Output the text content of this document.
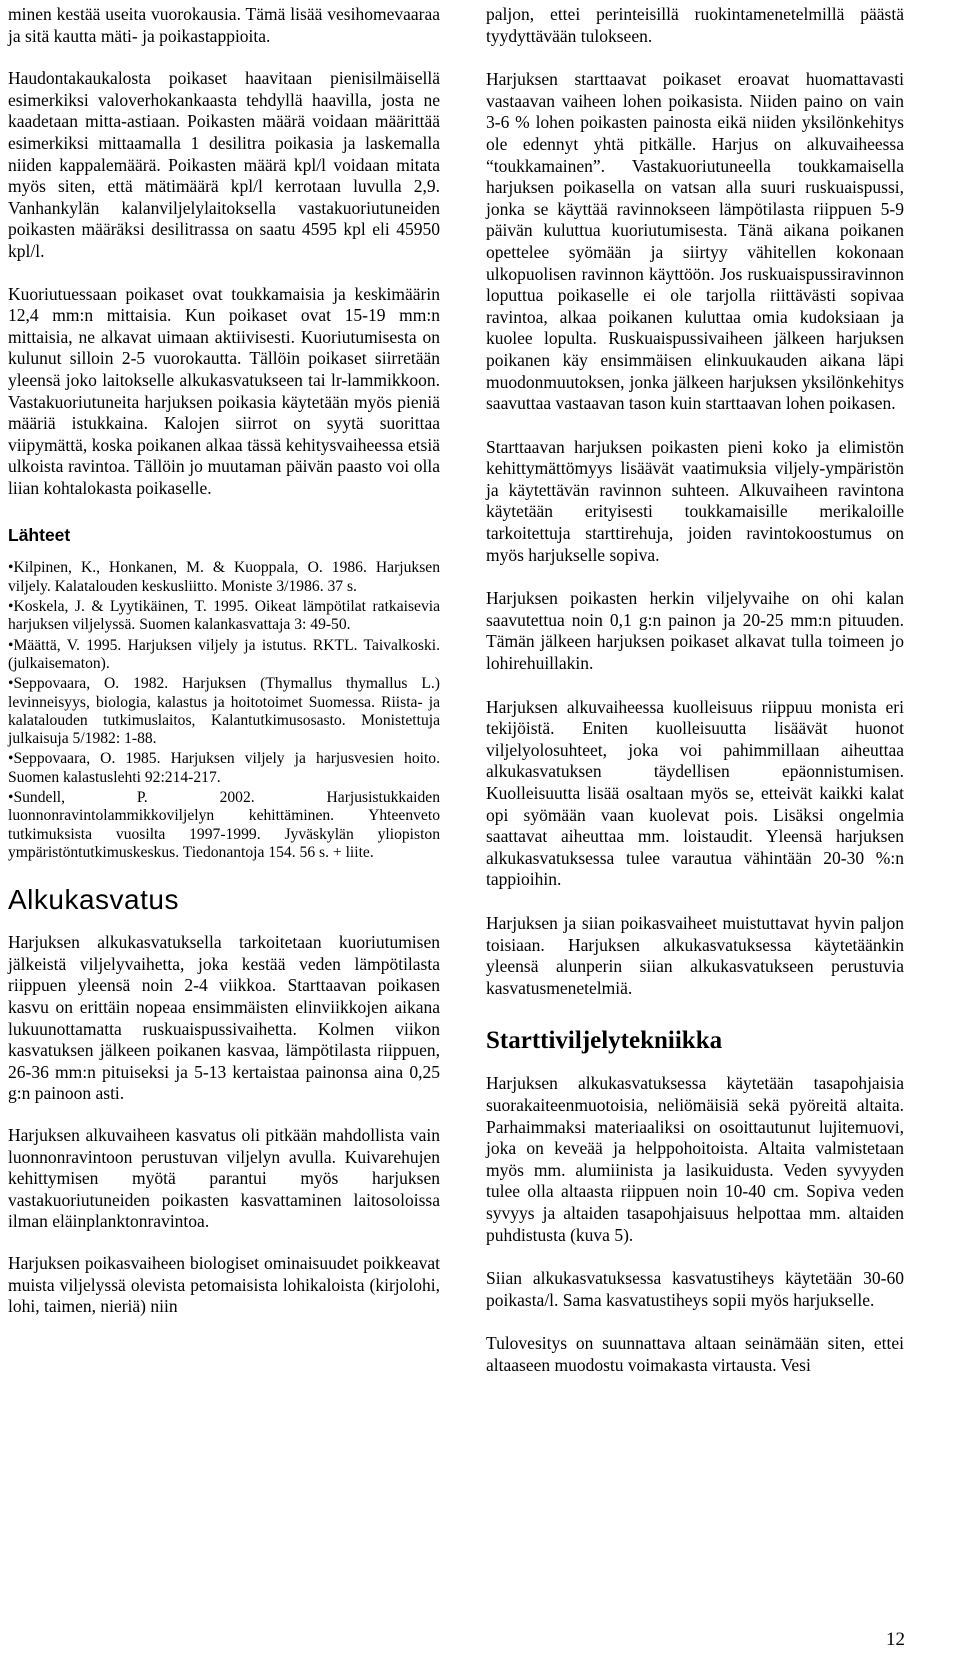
minen kestää useita vuorokausia. Tämä lisää vesihomevaaraa ja sitä kautta mäti- ja poikastappioita.

Haudontakaukalosta poikaset haavitaan pienisilmäisellä esimerkiksi valoverhokankaasta tehdyllä haavilla, josta ne kaadetaan mitta-astiaan. Poikasten määrä voidaan määrittää esimerkiksi mittaamalla 1 desilitra poikasia ja laskemalla niiden kappalemäärä. Poikasten määrä kpl/l voidaan mitata myös siten, että mätimäärä kpl/l kerrotaan luvulla 2,9. Vanhankylän kalanviljelylaitoksella vastakuoriutuneiden poikasten määräksi desilitrassa on saatu 4595 kpl eli 45950 kpl/l.

Kuoriutuessaan poikaset ovat toukkamaisia ja keskimäärin 12,4 mm:n mittaisia. Kun poikaset ovat 15-19 mm:n mittaisia, ne alkavat uimaan aktiivisesti. Kuoriutumisesta on kulunut silloin 2-5 vuorokautta. Tällöin poikaset siirretään yleensä joko laitokselle alkukasvatukseen tai lr-lammikkoon. Vastakuoriutuneita harjuksen poikasia käytetään myös pieniä määriä istukkaina. Kalojen siirrot on syytä suorittaa viipymättä, koska poikanen alkaa tässä kehitysvaiheessa etsiä ulkoista ravintoa. Tällöin jo muutaman päivän paasto voi olla liian kohtalokasta poikaselle.

Lähteet

•Kilpinen, K., Honkanen, M. & Kuoppala, O. 1986. Harjuksen viljely. Kalatalouden keskusliitto. Moniste 3/1986. 37 s.

•Koskela, J. & Lyytikäinen, T. 1995. Oikeat lämpötilat ratkaisevia harjuksen viljelyssä. Suomen kalankasvattaja 3: 49-50.

•Määttä, V. 1995. Harjuksen viljely ja istutus. RKTL. Taivalkoski. (julkaisematon).

•Seppovaara, O. 1982. Harjuksen (Thymallus thymallus L.) levinneisyys, biologia, kalastus ja hoitotoimet Suomessa. Riista- ja kalatalouden tutkimuslaitos, Kalantutkimusosasto. Monistettuja julkaisuja 5/1982: 1-88.

•Seppovaara, O. 1985. Harjuksen viljely ja harjusvesien hoito. Suomen kalastuslehti 92:214-217.

•Sundell, P. 2002. Harjusistukkaiden luonnonravintolammikkoviljelyn kehittäminen. Yhteenveto tutkimuksista vuosilta 1997-1999. Jyväskylän yliopiston ympäristöntutkimuskeskus. Tiedonantoja 154. 56 s. + liite.

Alkukasvatus

Harjuksen alkukasvatuksella tarkoitetaan kuoriutumisen jälkeistä viljelyvaihetta, joka kestää veden lämpötilasta riippuen yleensä noin 2-4 viikkoa. Starttaavan poikasen kasvu on erittäin nopeaa ensimmäisten elinviikkojen aikana lukuunottamatta ruskuaispussivaihetta. Kolmen viikon kasvatuksen jälkeen poikanen kasvaa, lämpötilasta riippuen, 26-36 mm:n pituiseksi ja 5-13 kertaistaa painonsa aina 0,25 g:n painoon asti.

Harjuksen alkuvaiheen kasvatus oli pitkään mahdollista vain luonnonravintoon perustuvan viljelyn avulla. Kuivarehujen kehittymisen myötä parantui myös harjuksen vastakuoriutuneiden poikasten kasvattaminen laitosoloissa ilman eläinplanktonravintoa.

Harjuksen poikasvaiheen biologiset ominaisuudet poikkeavat muista viljelyssä olevista petomaisista lohikaloista (kirjolohi, lohi, taimen, nieriä) niin

paljon, ettei perinteisillä ruokintamenetelmillä päästä tyydyttävään tulokseen.

Harjuksen starttaavat poikaset eroavat huomattavasti vastaavan vaiheen lohen poikasista. Niiden paino on vain 3-6 % lohen poikasten painosta eikä niiden yksilönkehitys ole edennyt yhtä pitkälle. Harjus on alkuvaiheessa “toukkamainen”. Vastakuoriutuneella toukkamaisella harjuksen poikasella on vatsan alla suuri ruskuaispussi, jonka se käyttää ravinnokseen lämpötilasta riippuen 5-9 päivän kuluttua kuoriutumisesta. Tänä aikana poikanen opettelee syömään ja siirtyy vähitellen kokonaan ulkopuolisen ravinnon käyttöön. Jos ruskuaispussiravinnon loputtua poikaselle ei ole tarjolla riittävästi sopivaa ravintoa, alkaa poikanen kuluttaa omia kudoksiaan ja kuolee lopulta. Ruskuaispussivaiheen jälkeen harjuksen poikanen käy ensimmäisen elinkuukauden aikana läpi muodonmuutoksen, jonka jälkeen harjuksen yksilönkehitys saavuttaa vastaavan tason kuin starttaavan lohen poikasen.

Starttaavan harjuksen poikasten pieni koko ja elimistön kehittymättömyys lisäävät vaatimuksia viljely-ympäristön ja käytettävän ravinnon suhteen. Alkuvaiheen ravintona käytetään erityisesti toukkamaisille merikaloille tarkoitettuja starttirehuja, joiden ravintokoostumus on myös harjukselle sopiva.

Harjuksen poikasten herkin viljelyvaihe on ohi kalan saavutettua noin 0,1 g:n painon ja 20-25 mm:n pituuden. Tämän jälkeen harjuksen poikaset alkavat tulla toimeen jo lohirehuillakin.

Harjuksen alkuvaiheessa kuolleisuus riippuu monista eri tekijöistä. Eniten kuolleisuutta lisäävät huonot viljelyolosuhteet, joka voi pahimmillaan aiheuttaa alkukasvatuksen täydellisen epäonnistumisen. Kuolleisuutta lisää osaltaan myös se, etteivät kaikki kalat opi syömään vaan kuolevat pois. Lisäksi ongelmia saattavat aiheuttaa mm. loistaudit. Yleensä harjuksen alkukasvatuksessa tulee varautua vähintään 20-30 %:n tappioihin.

Harjuksen ja siian poikasvaiheet muistuttavat hyvin paljon toisiaan. Harjuksen alkukasvatuksessa käytetäänkin yleensä alunperin siian alkukasvatukseen perustuvia kasvatusmenetelmiä.

Starttiviljelytekniikka

Harjuksen alkukasvatuksessa käytetään tasapohjaisia suorakaiteenmuotoisia, neliömäisiä sekä pyöreitä altaita. Parhaimmaksi materiaaliksi on osoittautunut lujitemuovi, joka on keveää ja helppohoitoista. Altaita valmistetaan myös mm. alumiinista ja lasikuidusta. Veden syvyyden tulee olla altaasta riippuen noin 10-40 cm. Sopiva veden syvyys ja altaiden tasapohjaisuus helpottaa mm. altaiden puhdistusta (kuva 5).

Siian alkukasvatuksessa kasvatustiheys käytetään 30-60 poikasta/l. Sama kasvatustiheys sopii myös harjukselle.

Tulovesitys on suunnattava altaan seinämään siten, ettei altaaseen muodostu voimakasta virtausta. Vesi

12
